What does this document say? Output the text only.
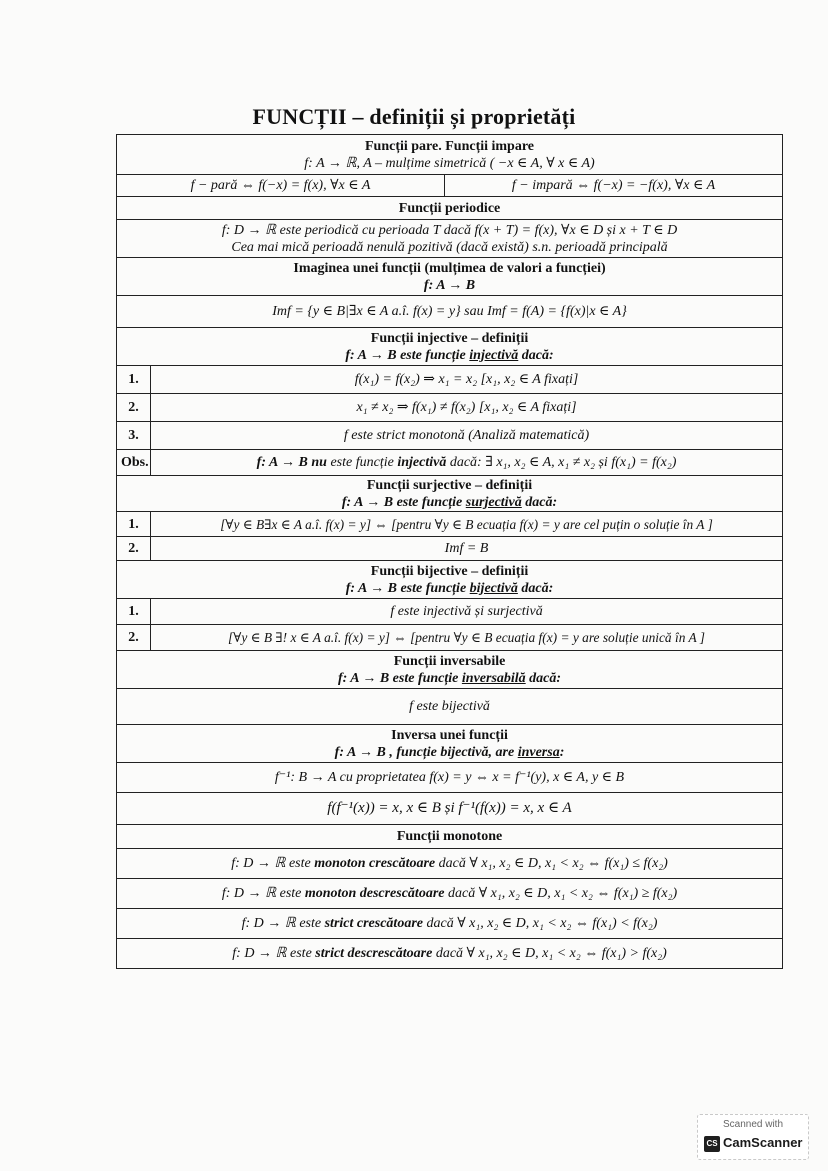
FUNCȚII – definiții și proprietăți
Funcții pare. Funcții impare
f: A → ℝ, A – mulțime simetrică ( −x ∈ A, ∀ x ∈ A)		

f − pară ⇔ f(−x) = f(x), ∀x ∈ A		f − impară ⇔ f(−x) = −f(x), ∀x ∈ A
Funcții periodice		

f: D → ℝ este periodică cu perioada T dacă f(x + T) = f(x), ∀x ∈ D și x + T ∈ D
Cea mai mică perioadă nenulă pozitivă (dacă există) s.n. perioadă principală		

Imaginea unei funcții (mulțimea de valori a funcției)
f: A → B		

Imf = {y ∈ B|∃x ∈ A a.î. f(x) = y} sau Imf = f(A) = {f(x)|x ∈ A}		

Funcții injective – definiții
f: A → B este funcție injectivă dacă:		

1.	f(x₁) = f(x₂) ⇒ x₁ = x₂ [x₁, x₂ ∈ A fixați]	
2.	x₁ ≠ x₂ ⇒ f(x₁) ≠ f(x₂) [x₁, x₂ ∈ A fixați]	
3.	f este strict monotonă (Analiză matematică)	
Obs.	f: A → B nu este funcție injectivă dacă: ∃ x₁, x₂ ∈ A, x₁ ≠ x₂ și f(x₁) = f(x₂)	

Funcții surjective – definiții
f: A → B este funcție surjectivă dacă:		

1.	[∀y ∈ B∃x ∈ A a.î. f(x) = y] ⇔ [pentru ∀y ∈ B ecuația f(x) = y are cel puțin o soluție în A ]	
2.	Imf = B	

Funcții bijective – definiții
f: A → B este funcție bijectivă dacă:		

1.	f este injectivă și surjectivă	
2.	[∀y ∈ B ∃! x ∈ A a.î. f(x) = y] ⇔ [pentru ∀y ∈ B ecuația f(x) = y are soluție unică în A ]	

Funcții inversabile
f: A → B este funcție inversabilă dacă:		

f este bijectivă		

Inversa unei funcții
f: A → B , funcție bijectivă, are inversa:		

f⁻¹: B → A cu proprietatea f(x) = y ⇔ x = f⁻¹(y), x ∈ A, y ∈ B		
f(f⁻¹(x)) = x, x ∈ B și f⁻¹(f(x)) = x, x ∈ A		
Funcții monotone		
f: D → ℝ este monoton crescătoare dacă ∀ x₁, x₂ ∈ D, x₁ < x₂ ⇔ f(x₁) ≤ f(x₂)		
f: D → ℝ este monoton descrescătoare dacă ∀ x₁, x₂ ∈ D, x₁ < x₂ ⇔ f(x₁) ≥ f(x₂)		
f: D → ℝ este strict crescătoare dacă ∀ x₁, x₂ ∈ D, x₁ < x₂ ⇔ f(x₁) < f(x₂)		
f: D → ℝ este strict descrescătoare dacă ∀ x₁, x₂ ∈ D, x₁ < x₂ ⇔ f(x₁) > f(x₂)		
Scanned with
CS CamScanner
